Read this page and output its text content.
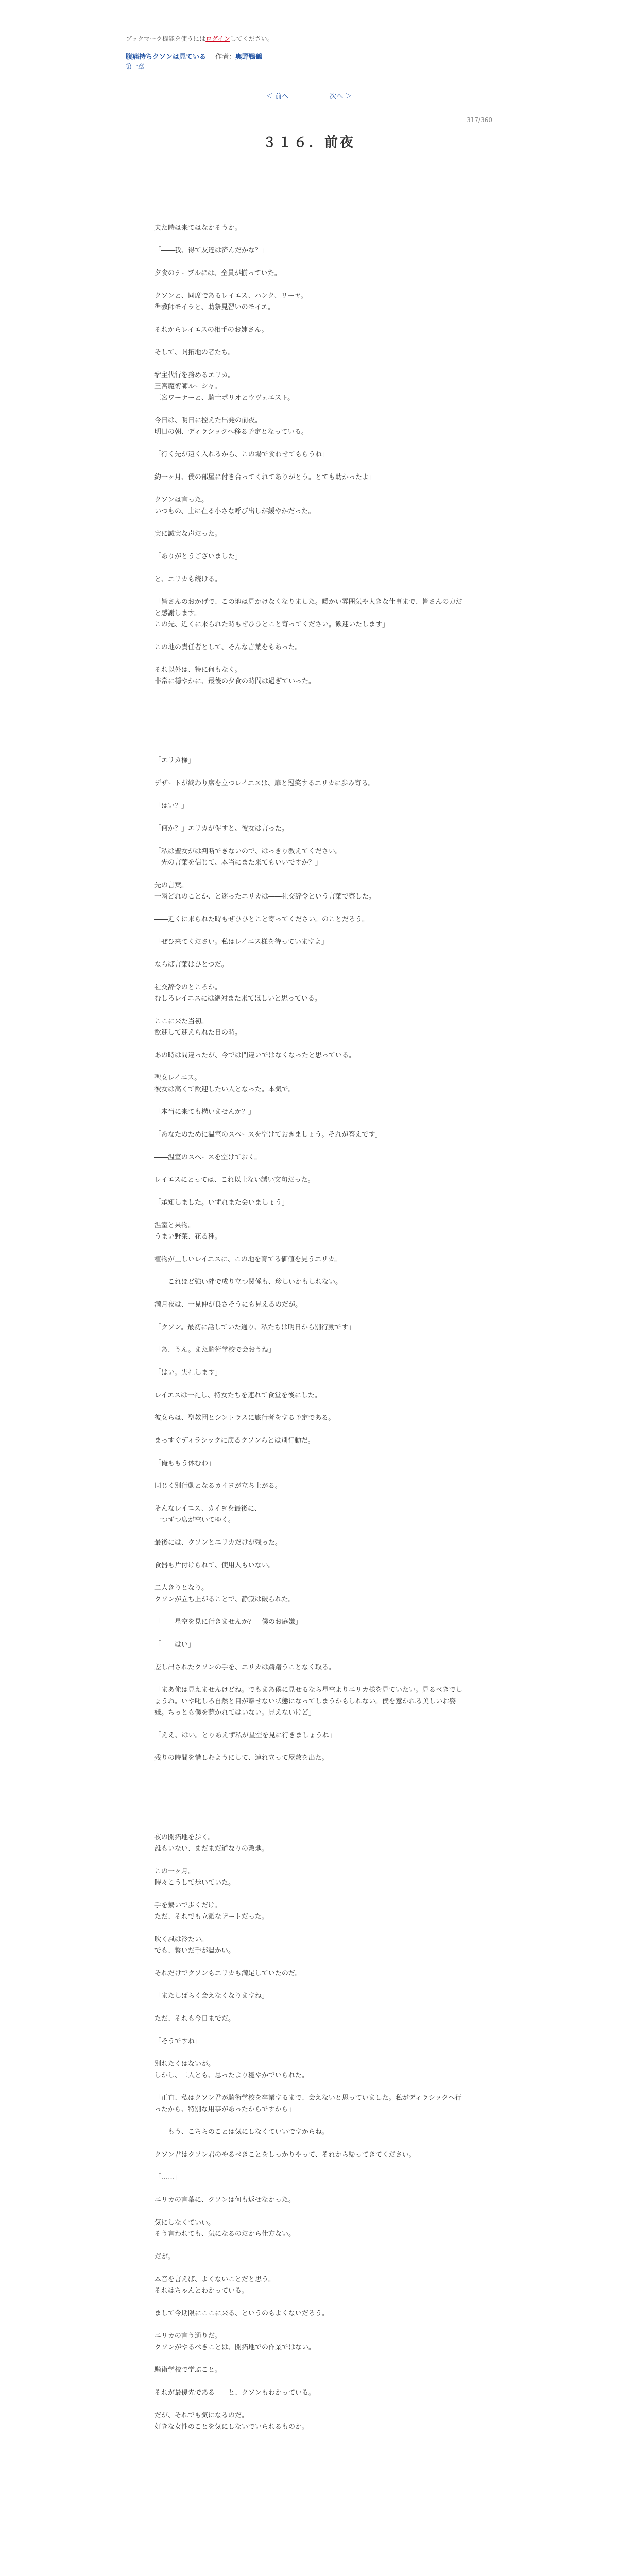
ブックマーク機能を使うにはログインしてください。
腹痛持ちクソンは見ている 作者：奥野鴨鶴
第一章
＜ 前へ	次へ ＞
317/360
３１６．前夜

夫た時は来てはなかそうか。

「――我、得て友達は済んだかな？」

夕食のテーブルには、全員が揃っていた。

クソンと、同席であるレイエス、ハンク、リーヤ。
準教師モイラと、助祭見習いのモイエ。

それからレイエスの相手のお姉さん。

そして、開拓地の者たち。

宿主代行を務めるエリカ。
王宮魔術師ルーシャ。
王宮ワーナーと、騎士ポリオとウヴェエスト。

今日は、明日に控えた出発の前夜。
明日の朝、ディラシックへ移る予定となっている。

「行く先が遠く入れるから、この場で食わせてもらうね」

約一ヶ月、僕の部屋に付き合ってくれてありがとう。とても助かったよ」

クソンは言った。
いつもの、土に在る小さな呼び出しが緩やかだった。

実に誠実な声だった。

「ありがとうございました」

と、エリカも続ける。

「皆さんのおかげで、この地は見かけなくなりました。暖かい雰囲気や大きな仕事まで、皆さんの力だと感謝します。
この先、近くに来られた時もぜひひとこと寄ってください。歓迎いたします」

この地の責任者として、そんな言葉をもあった。

それ以外は、特に何もなく。
非常に穏やかに、最後の夕食の時間は過ぎていった。

「エリカ様」

デザートが終わり席を立つレイエスは、扉と冠笑するエリカに歩み寄る。

「はい？」

「何か？」エリカが促すと、彼女は言った。

「私は聖女がは判断できないので、はっきり教えてください。
　先の言葉を信じて、本当にまた来てもいいですか？」

先の言葉。
一瞬どれのことか、と迷ったエリカは――社交辞令という言葉で察した。

――近くに来られた時もぜひひとこと寄ってください。のことだろう。

「ぜひ来てください。私はレイエス様を待っていますよ」

ならば言葉はひとつだ。

社交辞令のところか。
むしろレイエスには絶対また来てほしいと思っている。

ここに来た当初。
歓迎して迎えられた日の時。

あの時は間違ったが、今では間違いではなくなったと思っている。

聖女レイエス。
彼女は高くて歓迎したい人となった。本気で。

「本当に来ても構いませんか？」

「あなたのために温室のスペースを空けておきましょう。それが答えです」

――温室のスペースを空けておく。

レイエスにとっては、これ以上ない誘い文句だった。

「承知しました。いずれまた会いましょう」

温室と果物。
うまい野菜、花る種。

植物が土しいレイエスに、この地を育てる価値を見うエリカ。

――これほど強い絆で成り立つ関係も、珍しいかもしれない。

満月夜は、一見仲が良さそうにも見えるのだが。

「クソン。最初に話していた通り、私たちは明日から別行動です」

「あ、うん。また騎術学校で会おうね」

「はい。失礼します」

レイエスは一礼し、特女たちを連れて食堂を後にした。

彼女らは、聖教団とシントラスに旅行者をする予定である。

まっすぐディラシックに戻るクソンらとは別行動だ。

「俺ももう休むわ」

同じく別行動となるカイヨが立ち上がる。

そんなレイエス、カイヨを最後に、
一つずつ席が空いてゆく。

最後には、クソンとエリカだけが残った。

食器も片付けられて、使用人もいない。

二人きりとなり。
クソンが立ち上がることで、静寂は破られた。

「――星空を見に行きませんか？　僕のお庭嫌」

「――はい」

差し出されたクソンの手を、エリカは躊躇うことなく取る。

「まあ俺は見えませんけどね。でもまあ僕に見せるなら星空よりエリカ様を見ていたい。見るべきでしょうね。いや叱しろ自然と目が離せない状態になってしまうかもしれない。僕を惹かれる美しいお姿嫌。ちっとも僕を惹かれてはいない。見えないけど」

「ええ、はい。とりあえず私が星空を見に行きましょうね」

残りの時間を惜しむようにして、連れ立って屋敷を出た。

夜の開拓地を歩く。
誰もいない、まだまだ道なりの敷地。

この一ヶ月。
時々こうして歩いていた。

手を繋いで歩くだけ。
ただ、それでも立派なデートだった。

吹く風は冷たい。
でも、繋いだ手が温かい。

それだけでクソンもエリカも満足していたのだ。

「またしばらく会えなくなりますね」

ただ、それも今日までだ。

「そうですね」

別れたくはないが。
しかし、二人とも、思ったより穏やかでいられた。

「正直、私はクソン君が騎術学校を卒業するまで、会えないと思っていました。私がディラシックへ行ったから、特別な用事があったからですから」

――もう、こちらのことは気にしなくていいですからね。

クソン君はクソン君のやるべきことをしっかりやって、それから帰ってきてください。

「……」

エリカの言葉に、クソンは何も返せなかった。

気にしなくていい。
そう言われても、気になるのだから仕方ない。

だが。

本音を言えば、よくないことだと思う。
それはちゃんとわかっている。

まして今期限にここに来る、というのもよくないだろう。

エリカの言う通りだ。
クソンがやるべきことは、開拓地での作業ではない。

騎術学校で学ぶこと。

それが最優先である――と、クソンもわかっている。

だが、それでも気になるのだ。
好きな女性のことを気にしないでいられるものか。
